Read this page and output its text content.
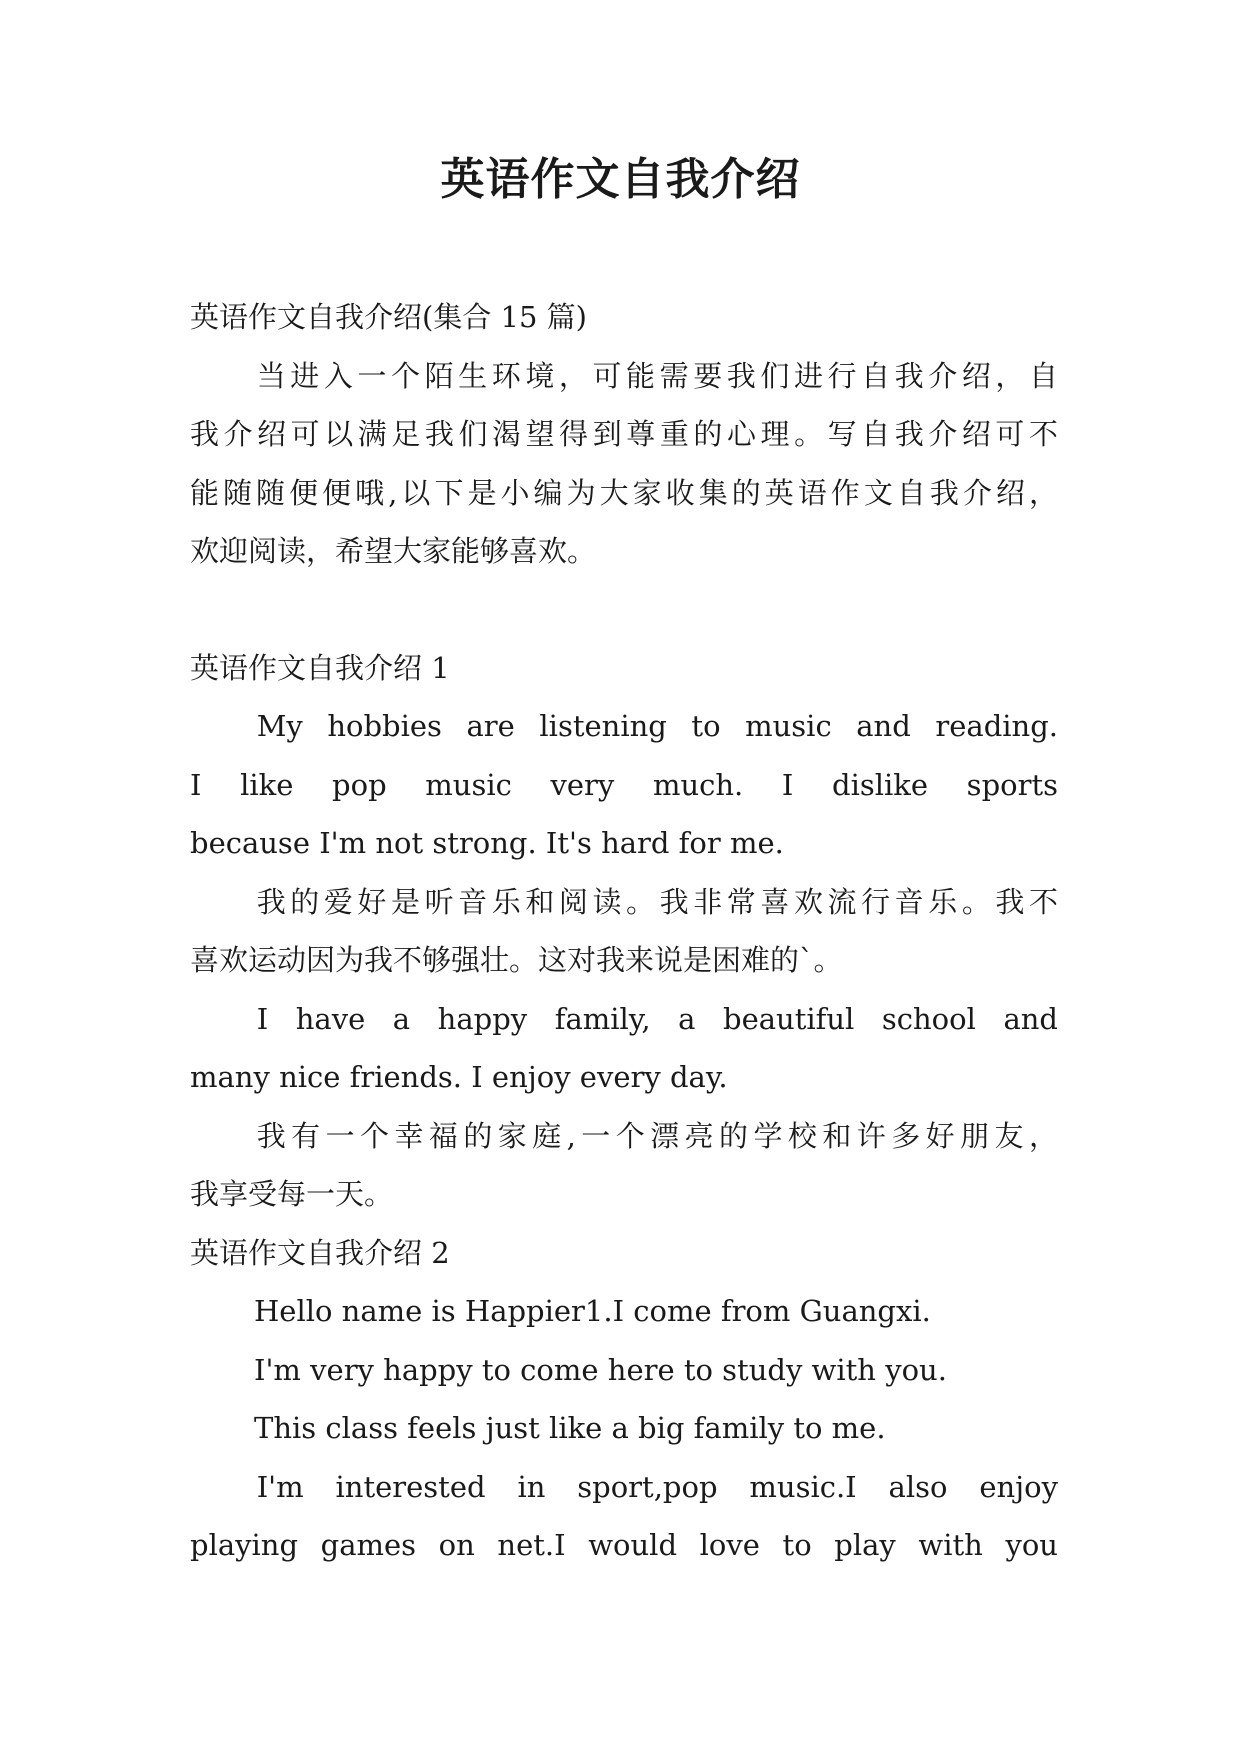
英语作文自我介绍

英语作文自我介绍(集合 15 篇)

当进入一个陌生环境，可能需要我们进行自我介绍，自

我介绍可以满足我们渴望得到尊重的心理。写自我介绍可不

能随随便便哦,以下是小编为大家收集的英语作文自我介绍，

欢迎阅读，希望大家能够喜欢。

英语作文自我介绍 1

My hobbies are listening to music and reading.

I like pop music very much. I dislike sports

because I'm not strong. It's hard for me.

我的爱好是听音乐和阅读。我非常喜欢流行音乐。我不

喜欢运动因为我不够强壮。这对我来说是困难的`。

I have a happy family, a beautiful school and

many nice friends. I enjoy every day.

我有一个幸福的家庭,一个漂亮的学校和许多好朋友，

我享受每一天。

英语作文自我介绍 2

Hello name is Happier1.I come from Guangxi.

I'm very happy to come here to study with you.

This class feels just like a big family to me.

I'm interested in sport,pop music.I also enjoy

playing games on net.I would love to play with you
